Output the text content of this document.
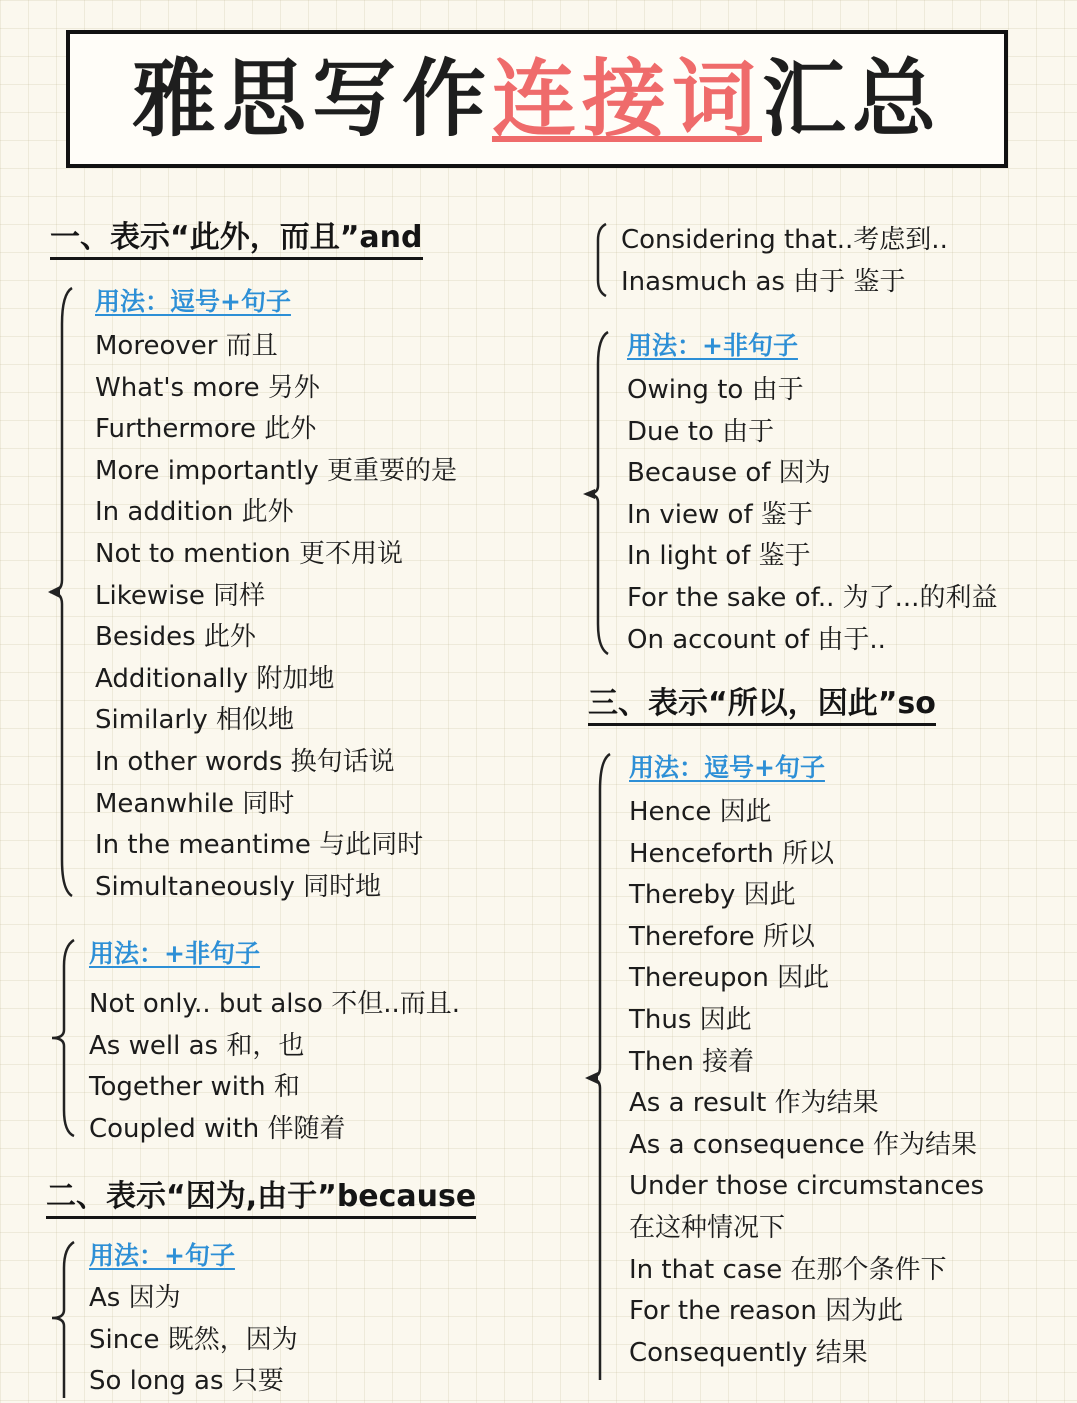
雅思写作连接词汇总
一、表示“此外，而且”and
用法：逗号+句子
Moreover 而且
What's more 另外
Furthermore 此外
More importantly 更重要的是
In addition 此外
Not to mention 更不用说
Likewise 同样
Besides 此外
Additionally 附加地
Similarly 相似地
In other words 换句话说
Meanwhile 同时
In the meantime 与此同时
Simultaneously 同时地
用法：+非句子
Not only.. but also 不但..而且.
As well as 和，也
Together with 和
Coupled with 伴随着
二、表示“因为,由于”because
用法：+句子
As 因为
Since 既然，因为
So long as 只要
Considering that..考虑到..
Inasmuch as 由于 鉴于
用法：+非句子
Owing to 由于
Due to 由于
Because of 因为
In view of 鉴于
In light of 鉴于
For the sake of.. 为了...的利益
On account of 由于..
三、表示“所以，因此”so
用法：逗号+句子
Hence 因此
Henceforth 所以
Thereby 因此
Therefore 所以
Thereupon 因此
Thus 因此
Then 接着
As a result 作为结果
As a consequence 作为结果
Under those circumstances
在这种情况下
In that case 在那个条件下
For the reason 因为此
Consequently 结果
